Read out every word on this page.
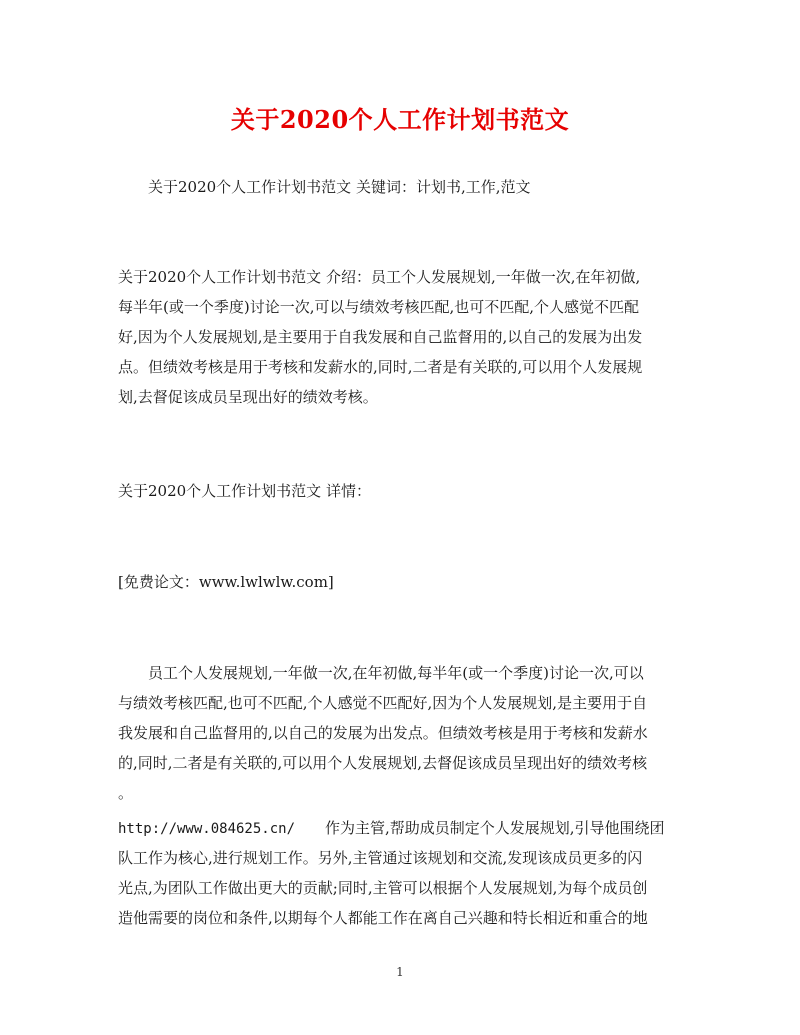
关于2020个人工作计划书范文
关于2020个人工作计划书范文 关键词：计划书,工作,范文
关于2020个人工作计划书范文 介绍：员工个人发展规划,一年做一次,在年初做,
每半年(或一个季度)讨论一次,可以与绩效考核匹配,也可不匹配,个人感觉不匹配
好,因为个人发展规划,是主要用于自我发展和自己监督用的,以自己的发展为出发
点。但绩效考核是用于考核和发薪水的,同时,二者是有关联的,可以用个人发展规
划,去督促该成员呈现出好的绩效考核。
关于2020个人工作计划书范文 详情：
[免费论文：www.lwlwlw.com]
员工个人发展规划,一年做一次,在年初做,每半年(或一个季度)讨论一次,可以
与绩效考核匹配,也可不匹配,个人感觉不匹配好,因为个人发展规划,是主要用于自
我发展和自己监督用的,以自己的发展为出发点。但绩效考核是用于考核和发薪水
的,同时,二者是有关联的,可以用个人发展规划,去督促该成员呈现出好的绩效考核
。
http://www.084625.cn/ 作为主管,帮助成员制定个人发展规划,引导他围绕团
队工作为核心,进行规划工作。另外,主管通过该规划和交流,发现该成员更多的闪
光点,为团队工作做出更大的贡献;同时,主管可以根据个人发展规划,为每个成员创
造他需要的岗位和条件,以期每个人都能工作在离自己兴趣和特长相近和重合的地
1
